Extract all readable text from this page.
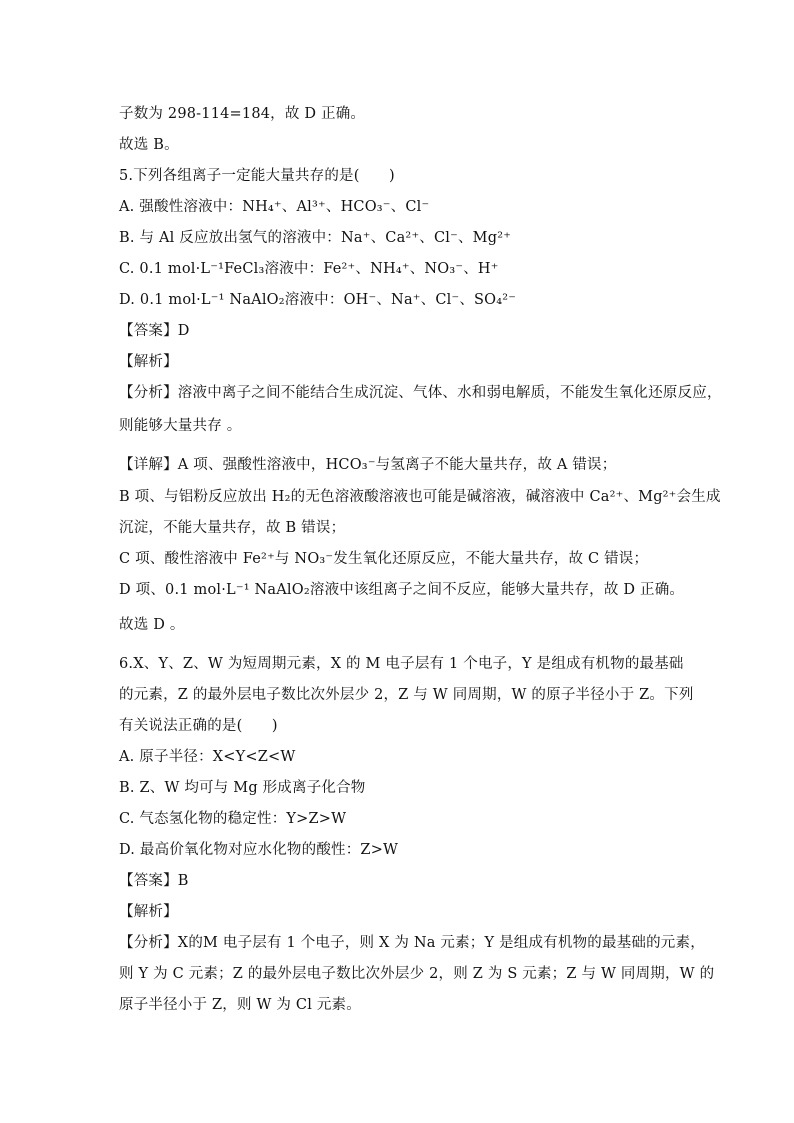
子数为 298-114=184，故 D 正确。
故选 B。
5.下列各组离子一定能大量共存的是(　　)
A. 强酸性溶液中：NH₄⁺、Al³⁺、HCO₃⁻、Cl⁻
B. 与 Al 反应放出氢气的溶液中：Na⁺、Ca²⁺、Cl⁻、Mg²⁺
C. 0.1 mol·L⁻¹FeCl₃溶液中：Fe²⁺、NH₄⁺、NO₃⁻、H⁺
D. 0.1 mol·L⁻¹ NaAlO₂溶液中：OH⁻、Na⁺、Cl⁻、SO₄²⁻
【答案】D
【解析】
【分析】溶液中离子之间不能结合生成沉淀、气体、水和弱电解质，不能发生氧化还原反应，
则能够大量共存 。
【详解】A 项、强酸性溶液中，HCO₃⁻与氢离子不能大量共存，故 A 错误；
B 项、与铝粉反应放出 H₂的无色溶液酸溶液也可能是碱溶液，碱溶液中 Ca²⁺、Mg²⁺会生成
沉淀，不能大量共存，故 B 错误；
C 项、酸性溶液中 Fe²⁺与 NO₃⁻发生氧化还原反应，不能大量共存，故 C 错误；
D 项、0.1 mol·L⁻¹ NaAlO₂溶液中该组离子之间不反应，能够大量共存，故 D 正确。
故选 D 。
6.X、Y、Z、W 为短周期元素，X 的 M 电子层有 1 个电子，Y 是组成有机物的最基础
的元素，Z 的最外层电子数比次外层少 2，Z 与 W 同周期，W 的原子半径小于 Z。下列
有关说法正确的是(　　)
A. 原子半径：X<Y<Z<W
B. Z、W 均可与 Mg 形成离子化合物
C. 气态氢化物的稳定性：Y>Z>W
D. 最高价氧化物对应水化物的酸性：Z>W
【答案】B
【解析】
【分析】X的M 电子层有 1 个电子，则 X 为 Na 元素；Y 是组成有机物的最基础的元素，
则 Y 为 C 元素；Z 的最外层电子数比次外层少 2，则 Z 为 S 元素；Z 与 W 同周期，W 的
原子半径小于 Z，则 W 为 Cl 元素。
